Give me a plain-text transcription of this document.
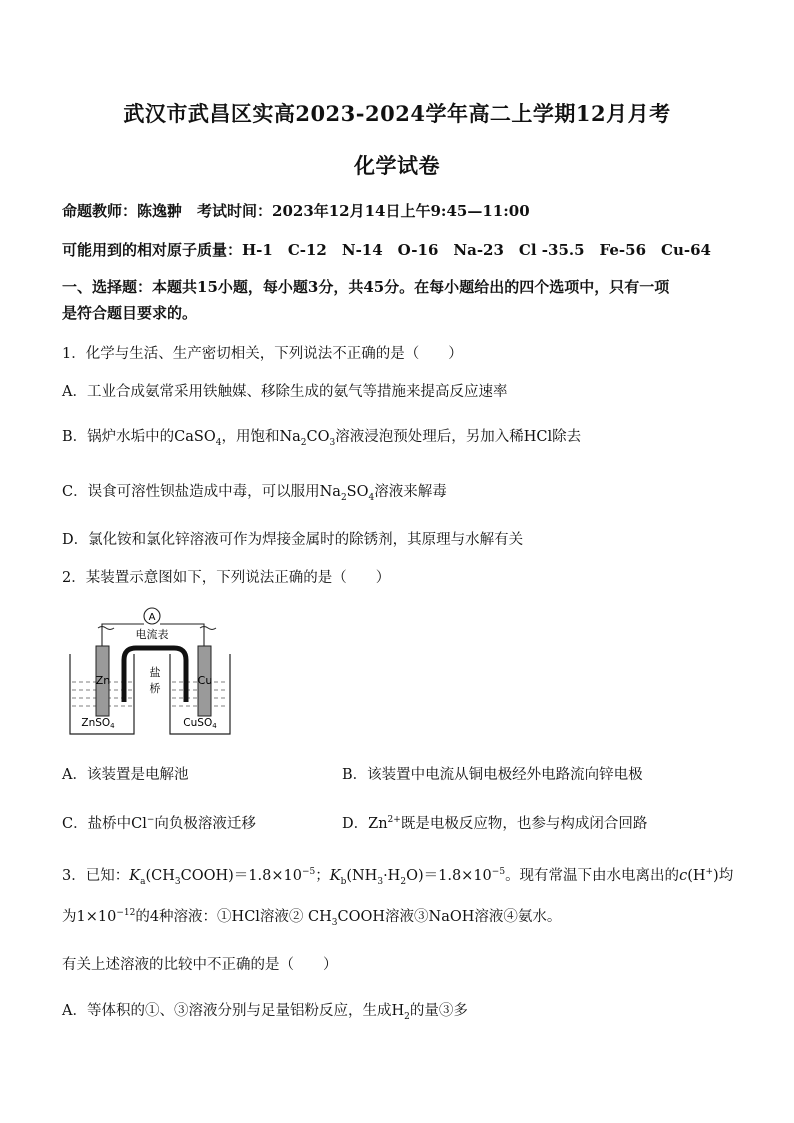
武汉市武昌区实高2023-2024学年高二上学期12月月考
化学试卷
命题教师：陈逸翀　考试时间：2023年12月14日上午9:45—11:00
可能用到的相对原子质量：H-1　C-12　N-14　O-16　Na-23　Cl -35.5　Fe-56　Cu-64
一、选择题：本题共15小题，每小题3分，共45分。在每小题给出的四个选项中，只有一项
是符合题目要求的。
1．化学与生活、生产密切相关，下列说法不正确的是（　　）
A．工业合成氨常采用铁触媒、移除生成的氨气等措施来提高反应速率
B．锅炉水垢中的CaSO$_4$，用饱和$Na_2CO_3$溶液浸泡预处理后，另加入稀HCl除去
C．误食可溶性钡盐造成中毒，可以服用$Na_2SO_4$溶液来解毒
D．氯化铵和氯化锌溶液可作为焊接金属时的除锈剂，其原理与水解有关
2．某装置示意图如下，下列说法正确的是（　　）
A
电流表
Zn	Cu
盐
桥
ZnSO4	CuSO4
A．该装置是电解池	B．该装置中电流从铜电极经外电路流向锌电极
C．盐桥中Cl−向负极溶液迁移	D．$Zn^{2+}$既是电极反应物，也参与构成闭合回路
3．已知：$K_a(CH_3COOH)=1.8\times 10^{-5}$；$K_b(NH_3\cdot H_2O)=1.8\times 10^{-5}$。现有常温下由水电离出的c(H+)均
为$1\times 10^{-12}$的4种溶液：①HCl溶液② $CH_3COOH$溶液③NaOH溶液④氨水。
有关上述溶液的比较中不正确的是（　　）
A．等体积的①、③溶液分别与足量铝粉反应，生成$H_2$的量③多
